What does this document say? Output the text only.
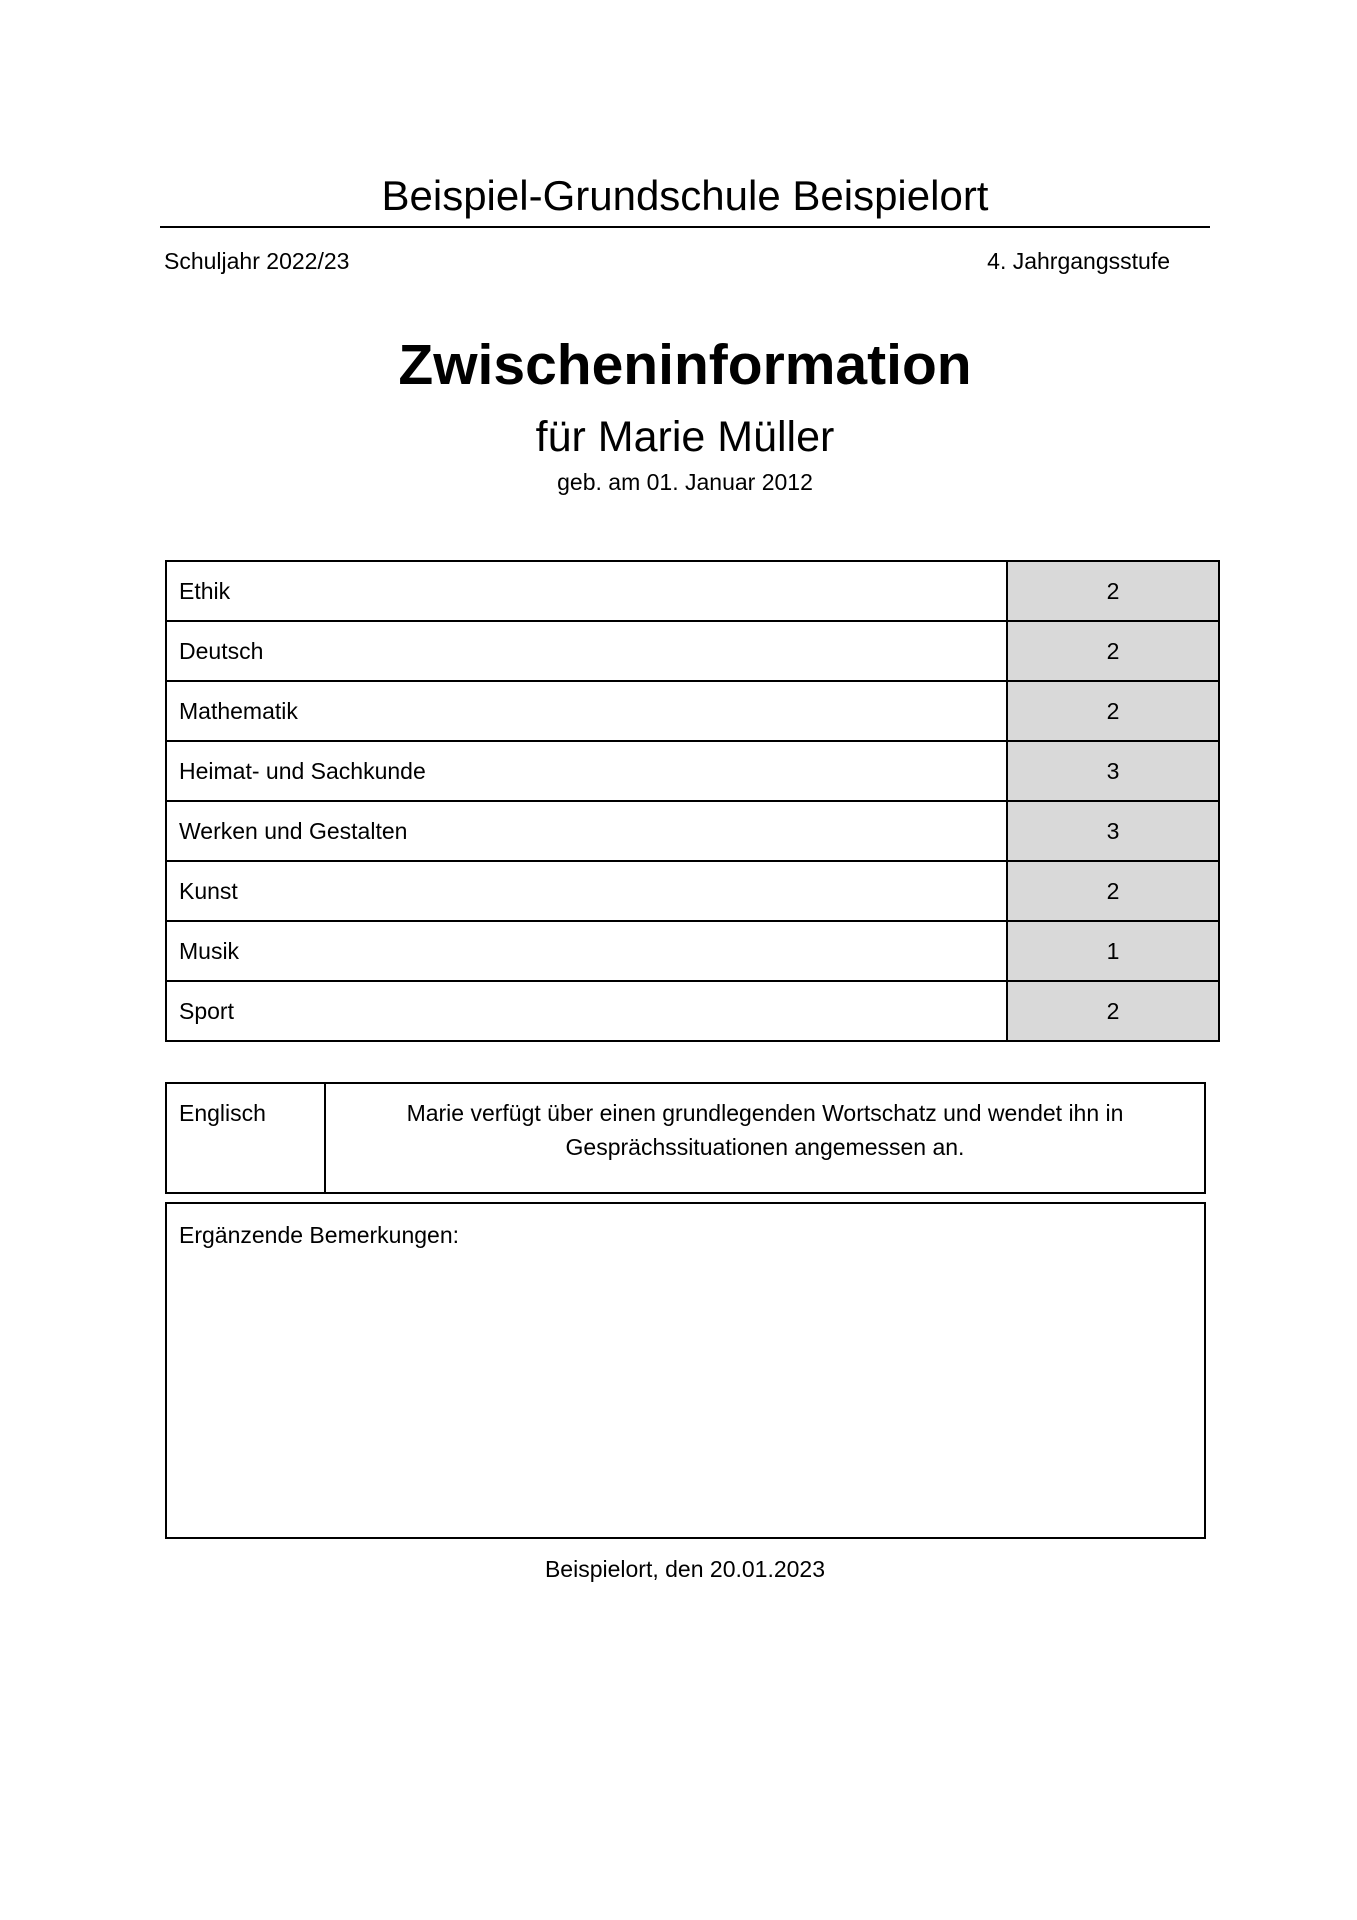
Beispiel-Grundschule Beispielort
Schuljahr 2022/23	4. Jahrgangsstufe
Zwischeninformation
für Marie Müller
geb. am 01. Januar 2012
Ethik	2
Deutsch	2
Mathematik	2
Heimat- und Sachkunde	3
Werken und Gestalten	3
Kunst	2
Musik	1
Sport	2
Englisch	Marie verfügt über einen grundlegenden Wortschatz und wendet ihn in Gesprächssituationen angemessen an.
Ergänzende Bemerkungen:
Beispielort, den 20.01.2023
